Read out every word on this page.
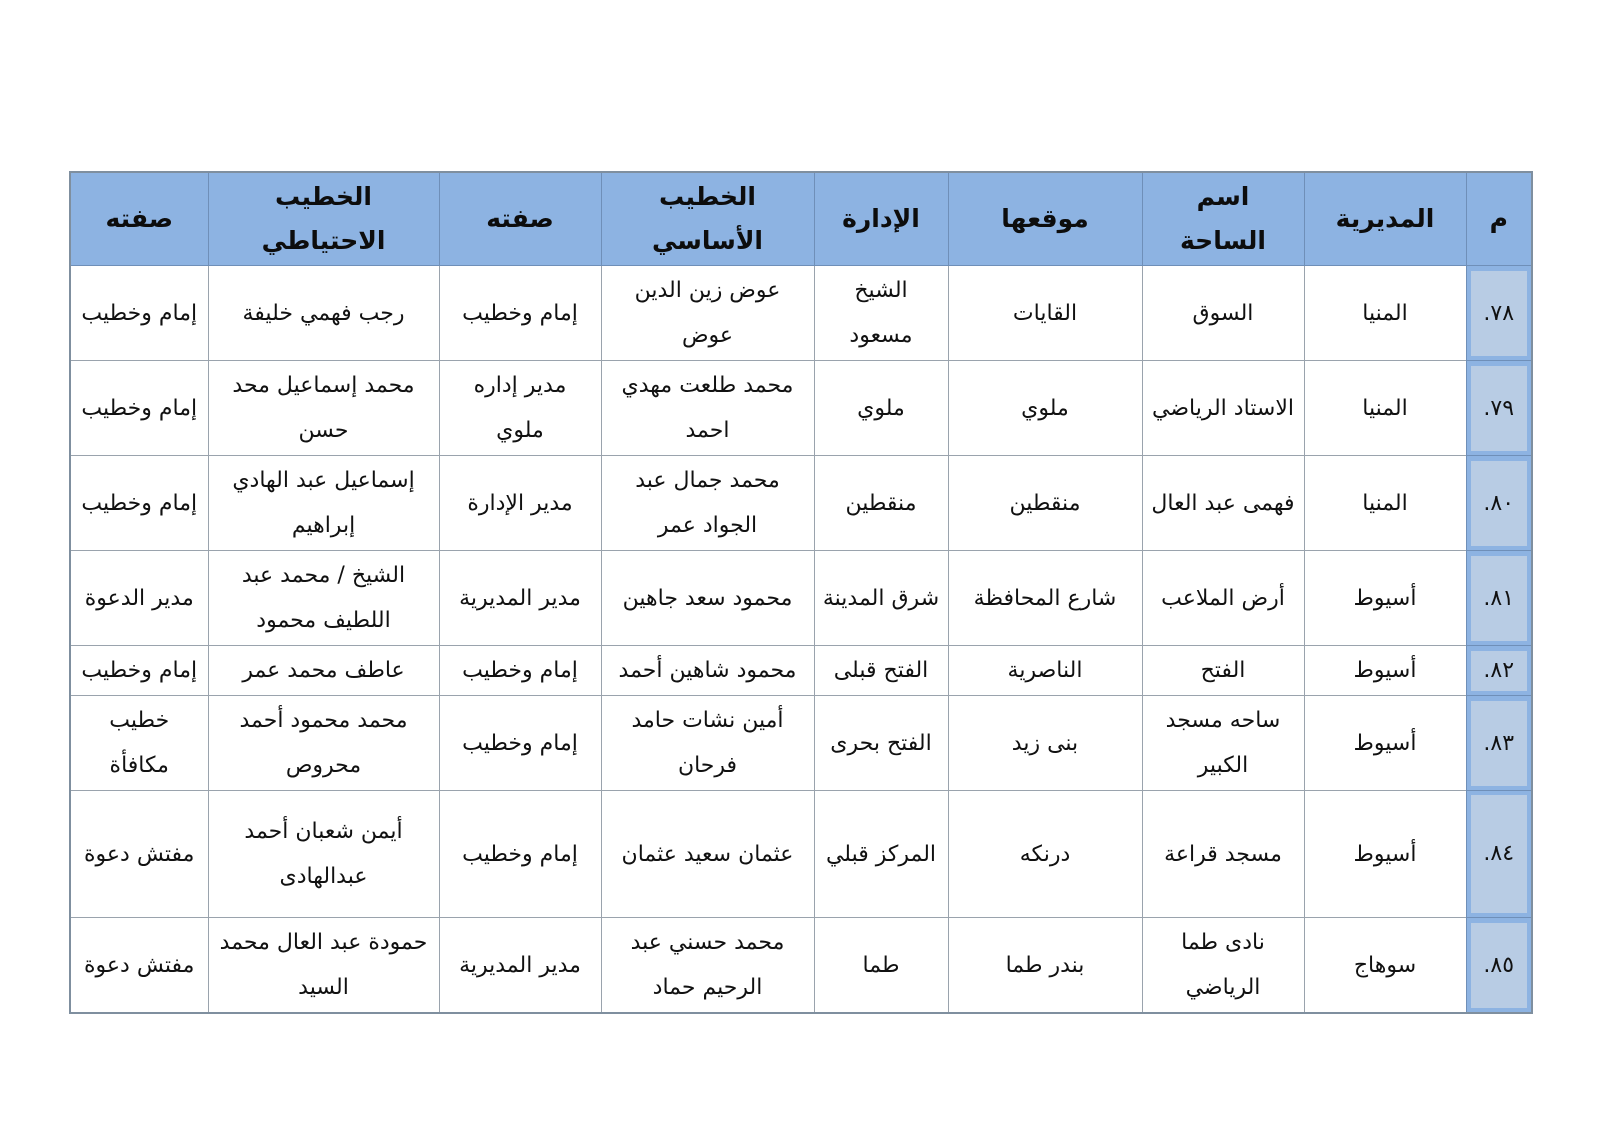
م	المديرية	اسم الساحة	موقعها	الإدارة	الخطيب الأساسي	صفته	الخطيب الاحتياطي	صفته

٧٨.	المنيا	السوق	القايات	الشيخ مسعود	عوض زين الدين عوض	إمام وخطيب	رجب فهمي خليفة	إمام وخطيب

٧٩.	المنيا	الاستاد الرياضي	ملوي	ملوي	محمد طلعت مهدي احمد	مدير إداره ملوي	محمد إسماعيل محد حسن	إمام وخطيب

٨٠.	المنيا	فهمى عبد العال	منقطين	منقطين	محمد جمال عبد الجواد عمر	مدير الإدارة	إسماعيل عبد الهادي إبراهيم	إمام وخطيب

٨١.	أسيوط	أرض الملاعب	شارع المحافظة	شرق المدينة	محمود سعد جاهين	مدير المديرية	الشيخ / محمد عبد اللطيف محمود	مدير الدعوة

٨٢.	أسيوط	الفتح	الناصرية	الفتح قبلى	محمود شاهين أحمد	إمام وخطيب	عاطف محمد عمر	إمام وخطيب

٨٣.	أسيوط	ساحه مسجد الكبير	بنى زيد	الفتح بحرى	أمين نشات حامد فرحان	إمام وخطيب	محمد محمود أحمد محروص	خطيب مكافأة

٨٤.	أسيوط	مسجد قراعة	درنكه	المركز قبلي	عثمان سعيد عثمان	إمام وخطيب	أيمن شعبان أحمد عبدالهادى	مفتش دعوة

٨٥.	سوهاج	نادى طما الرياضي	بندر طما	طما	محمد حسني عبد الرحيم حماد	مدير المديرية	حمودة عبد العال محمد السيد	مفتش دعوة
